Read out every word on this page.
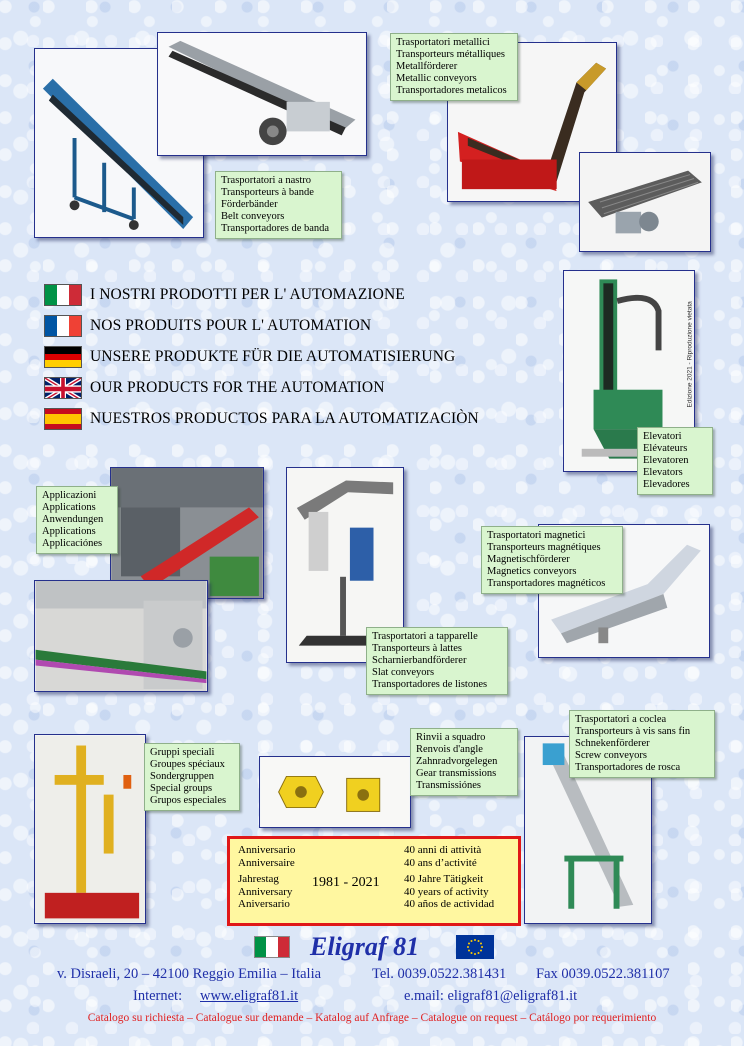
Edizione 2021 - Riproduzione vietata
Trasportatori a nastro
Transporteurs à bande
Förderbänder
Belt conveyors
Transportadores de banda
Trasportatori metallici
Transporteurs métalliques
Metallförderer
Metallic conveyors
Transportadores metalicos
Elevatori
Elévateurs
Elevatoren
Elevators
Elevadores
Applicazioni
Applications
Anwendungen
Applications
Applicaciónes
Trasportatori magnetici
Transporteurs magnétiques
Magnetischförderer
Magnetics conveyors
Transportadores magnéticos
Trasportatori a tapparelle
Transporteurs à lattes
Scharnierbandförderer
Slat conveyors
Transportadores de listones
Gruppi speciali
Groupes spéciaux
Sondergruppen
Special groups
Grupos especiales
Rinvii a squadro
Renvois d'angle
Zahnradvorgelegen
Gear transmissions
Transmissiónes
Trasportatori a coclea
Transporteurs à vis sans fin
Schnekenförderer
Screw conveyors
Transportadores de rosca
I NOSTRI PRODOTTI PER L' AUTOMAZIONE
NOS PRODUITS POUR L' AUTOMATION
UNSERE PRODUKTE FÜR DIE AUTOMATISIERUNG
OUR PRODUCTS FOR THE AUTOMATION
NUESTROS PRODUCTOS PARA LA AUTOMATIZACIÒN
Anniversario
Anniversaire
Jahrestag
Anniversary
Aniversario
1981 - 2021
40 anni di attività
40 ans d’activité
40 Jahre Tätigkeit
40 years of activity
40 años de actividad
Eligraf 81
v. Disraeli, 20 – 42100 Reggio Emilia – Italia	Tel. 0039.0522.381431 Fax 0039.0522.381107
Internet: www.eligraf81.it	e.mail: eligraf81@eligraf81.it
Catalogo su richiesta – Catalogue sur demande – Katalog auf Anfrage – Catalogue on request – Catálogo por requerimiento
